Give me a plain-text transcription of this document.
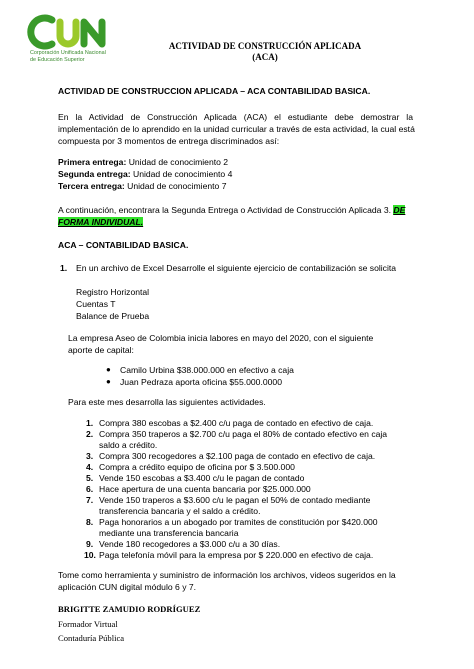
Corporación Unificada Nacional
de Educación Superior
ACTIVIDAD DE CONSTRUCCIÓN APLICADA
(ACA)
ACTIVIDAD DE CONSTRUCCION APLICADA – ACA CONTABILIDAD BASICA.
En la Actividad de Construcción Aplicada (ACA) el estudiante debe demostrar la
implementación de lo aprendido en la unidad curricular a través de esta actividad, la cual está
compuesta por 3 momentos de entrega discriminados así:
Primera entrega: Unidad de conocimiento 2
Segunda entrega: Unidad de conocimiento 4
Tercera entrega: Unidad de conocimiento 7
A continuación, encontrara la Segunda Entrega o Actividad de Construcción Aplicada 3. DE
FORMA INDIVIDUAL.
ACA – CONTABILIDAD BASICA.
1. En un archivo de Excel Desarrolle el siguiente ejercicio de contabilización se solicita
Registro Horizontal
Cuentas T
Balance de Prueba
La empresa Aseo de Colombia inicia labores en mayo del 2020, con el siguiente
aporte de capital:
● Camilo Urbina $38.000.000 en efectivo a caja
● Juan Pedraza aporta oficina $55.000.0000
Para este mes desarrolla las siguientes actividades.
1. Compra 380 escobas a $2.400 c/u paga de contado en efectivo de caja.
2. Compra 350 traperos a $2.700 c/u paga el 80% de contado efectivo en caja
saldo a crédito.
3. Compra 300 recogedores a $2.100 paga de contado en efectivo de caja.
4. Compra a crédito equipo de oficina por $ 3.500.000
5. Vende 150 escobas a $3.400 c/u le pagan de contado
6. Hace apertura de una cuenta bancaria por $25.000.000
7. Vende 150 traperos a $3.600 c/u le pagan el 50% de contado mediante
transferencia bancaria y el saldo a crédito.
8. Paga honorarios a un abogado por tramites de constitución por $420.000
mediante una transferencia bancaria
9. Vende 180 recogedores a $3.000 c/u a 30 días.
10. Paga telefonía móvil para la empresa por $ 220.000 en efectivo de caja.
Tome como herramienta y suministro de información los archivos, videos sugeridos en la
aplicación CUN digital módulo 6 y 7.
BRIGITTE ZAMUDIO RODRÍGUEZ
Formador Virtual
Contaduría Pública
